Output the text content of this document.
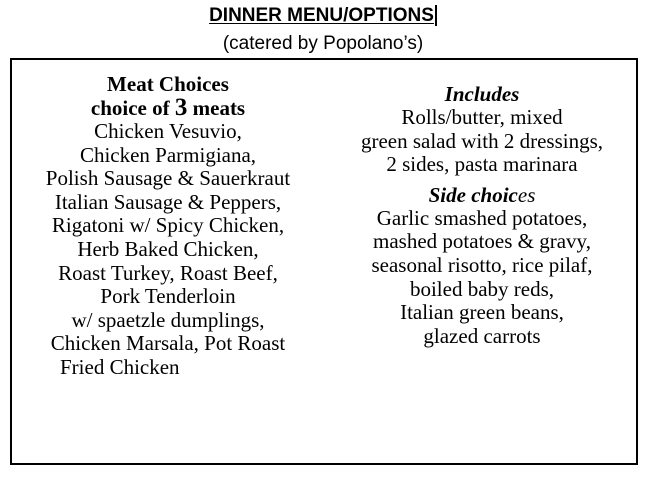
DINNER MENU/OPTIONS
(catered by Popolano’s)
Meat Choices
choice of 3 meats
Chicken Vesuvio,
Chicken Parmigiana,
Polish Sausage & Sauerkraut
Italian Sausage & Peppers,
Rigatoni w/ Spicy Chicken,
Herb Baked Chicken,
Roast Turkey, Roast Beef,
Pork Tenderloin
w/ spaetzle dumplings,
Chicken Marsala, Pot Roast
Fried Chicken
Includes
Rolls/butter, mixed
green salad with 2 dressings,
2 sides, pasta marinara
Side choices
Garlic smashed potatoes,
mashed potatoes & gravy,
seasonal risotto, rice pilaf,
boiled baby reds,
Italian green beans,
glazed carrots
